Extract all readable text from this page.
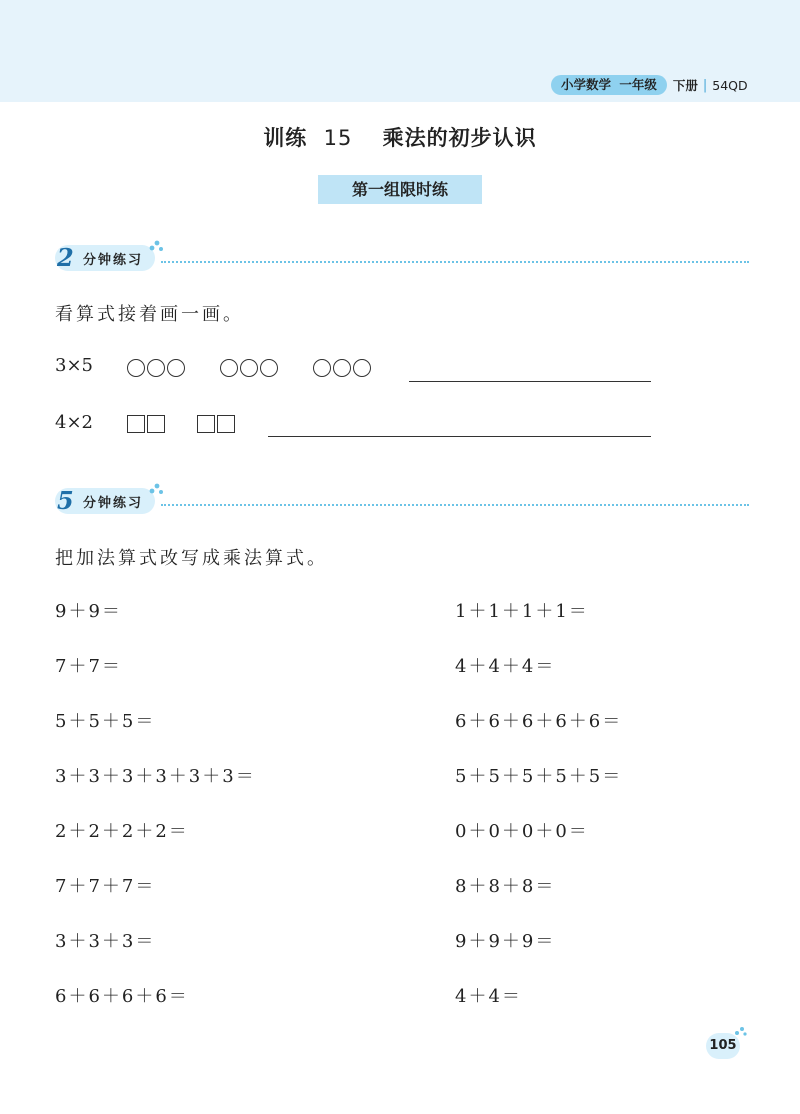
小学数学 一年级	下册 | 54QD
训练 15 乘法的初步认识
第一组限时练
2 分钟练习
看算式接着画一画。
3×5
4×2
5 分钟练习
把加法算式改写成乘法算式。
9＋9＝
7＋7＝
5＋5＋5＝
3＋3＋3＋3＋3＋3＝
2＋2＋2＋2＝
7＋7＋7＝
3＋3＋3＝
6＋6＋6＋6＝
1＋1＋1＋1＝
4＋4＋4＝
6＋6＋6＋6＋6＝
5＋5＋5＋5＋5＝
0＋0＋0＋0＝
8＋8＋8＝
9＋9＋9＝
4＋4＝
105
